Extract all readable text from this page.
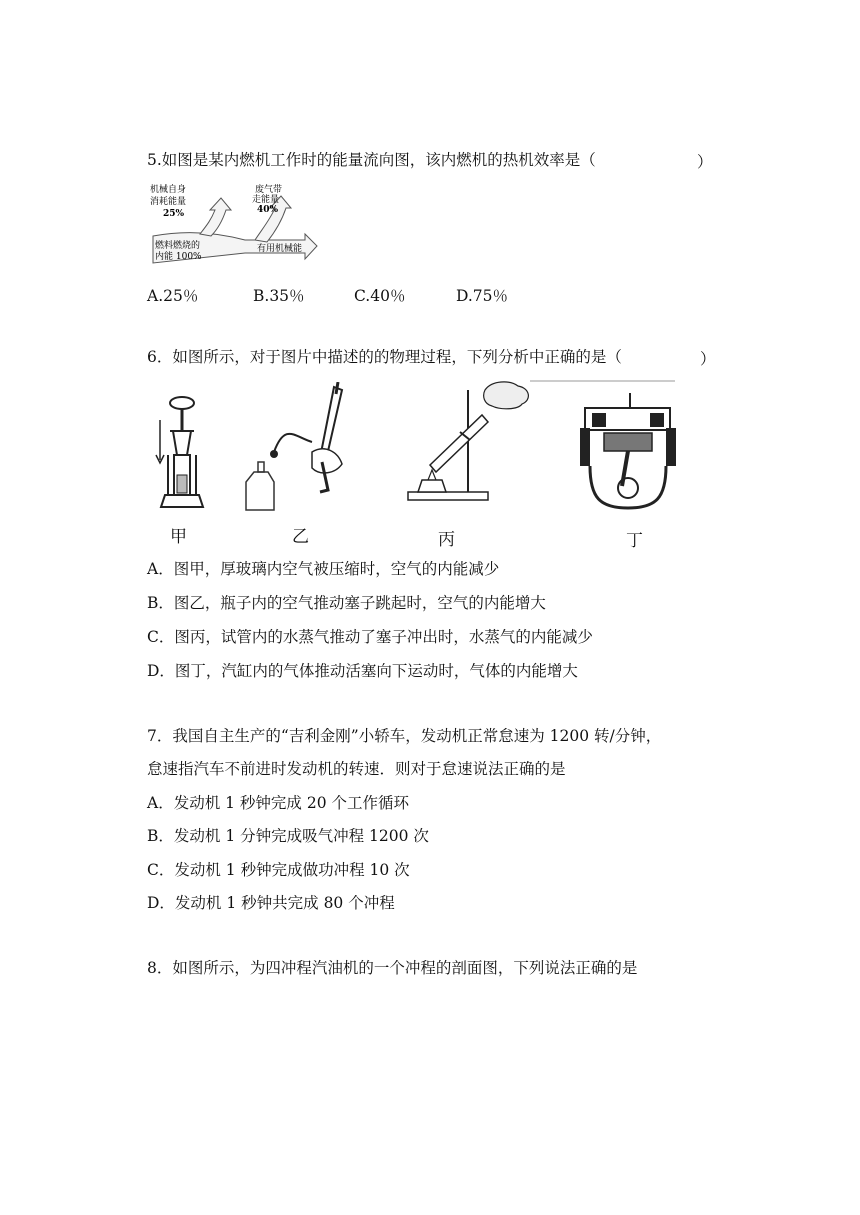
5.如图是某内燃机工作时的能量流向图，该内燃机的热机效率是（	）
机械自身
消耗能量
25%
废气带
走能量
40%
燃料燃烧的
内能 100%
有用机械能
A.25％	B.35％	C.40％	D.75％
6．如图所示，对于图片中描述的的物理过程，下列分析中正确的是（	）
甲	乙	丙	丁
A．图甲，厚玻璃内空气被压缩时，空气的内能减少
B．图乙，瓶子内的空气推动塞子跳起时，空气的内能增大
C．图丙，试管内的水蒸气推动了塞子冲出时，水蒸气的内能减少
D．图丁，汽缸内的气体推动活塞向下运动时，气体的内能增大
7．我国自主生产的“吉利金刚”小轿车，发动机正常怠速为 1200 转/分钟，
怠速指汽车不前进时发动机的转速．则对于怠速说法正确的是
A．发动机 1 秒钟完成 20 个工作循环
B．发动机 1 分钟完成吸气冲程 1200 次
C．发动机 1 秒钟完成做功冲程 10 次
D．发动机 1 秒钟共完成 80 个冲程
8．如图所示，为四冲程汽油机的一个冲程的剖面图，下列说法正确的是
